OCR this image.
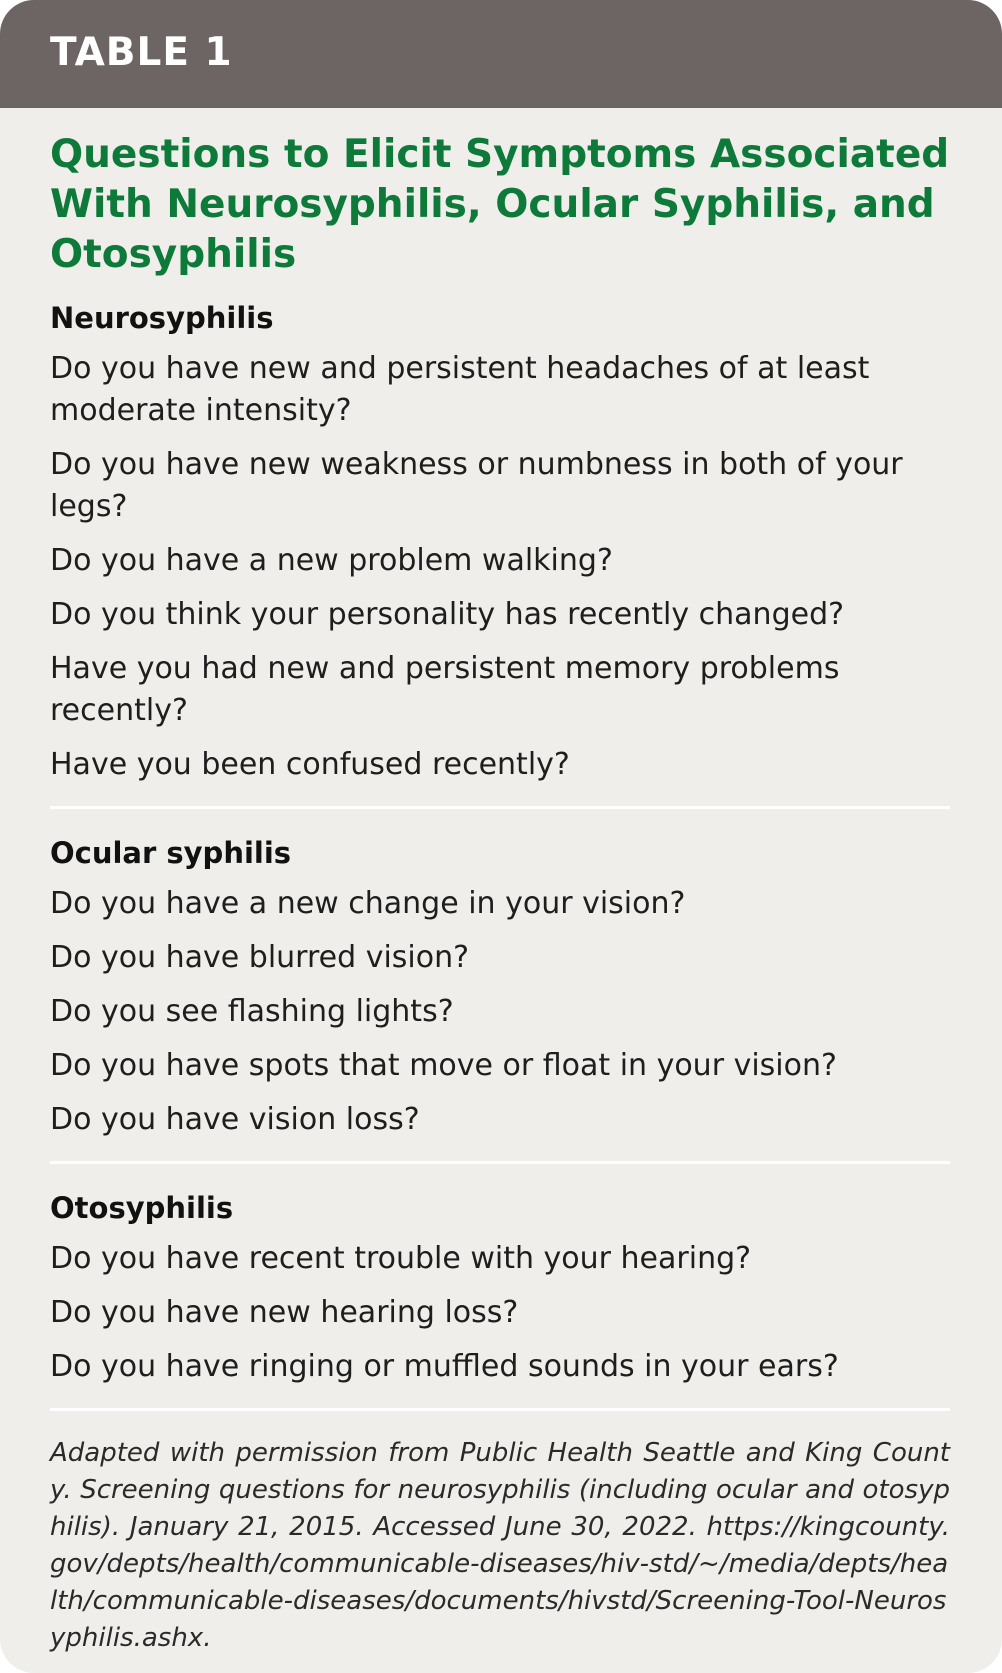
TABLE 1
Questions to Elicit Symptoms Associated With Neurosyphilis, Ocular Syphilis, and Otosyphilis

Neurosyphilis

Do you have new and persistent headaches of at least moderate intensity?

Do you have new weakness or numbness in both of your legs?

Do you have a new problem walking?

Do you think your personality has recently changed?

Have you had new and persistent memory problems recently?

Have you been confused recently?

Ocular syphilis

Do you have a new change in your vision?

Do you have blurred vision?

Do you see flashing lights?

Do you have spots that move or float in your vision?

Do you have vision loss?

Otosyphilis

Do you have recent trouble with your hearing?

Do you have new hearing loss?

Do you have ringing or muffled sounds in your ears?

Adapted with permission from Public Health Seattle and King County. Screening questions for neurosyphilis (including ocular and otosyphilis). January 21, 2015. Accessed June 30, 2022. https://kingcounty.gov/depts/health/communicable-diseases/hiv-std/~/media/depts/health/communicable-diseases/documents/hivstd/Screening-Tool-Neurosyphilis.ashx.
